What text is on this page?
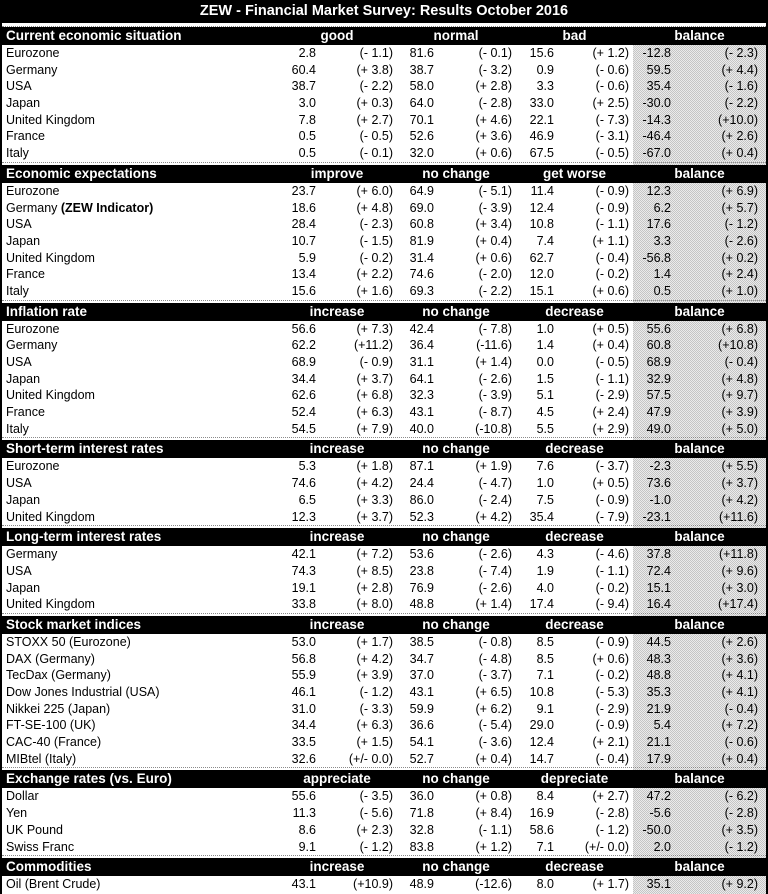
ZEW - Financial Market Survey: Results October 2016
Current economic situation	good	normal	bad	balance
Eurozone	2.8	(- 1.1)	81.6	(- 0.1)	15.6	(+ 1.2)	-12.8	(- 2.3)
Germany	60.4	(+ 3.8)	38.7	(- 3.2)	0.9	(- 0.6)	59.5	(+ 4.4)
USA	38.7	(- 2.2)	58.0	(+ 2.8)	3.3	(- 0.6)	35.4	(- 1.6)
Japan	3.0	(+ 0.3)	64.0	(- 2.8)	33.0	(+ 2.5)	-30.0	(- 2.2)
United Kingdom	7.8	(+ 2.7)	70.1	(+ 4.6)	22.1	(- 7.3)	-14.3	(+10.0)
France	0.5	(- 0.5)	52.6	(+ 3.6)	46.9	(- 3.1)	-46.4	(+ 2.6)
Italy	0.5	(- 0.1)	32.0	(+ 0.6)	67.5	(- 0.5)	-67.0	(+ 0.4)
Economic expectations	improve	no change	get worse	balance
Eurozone	23.7	(+ 6.0)	64.9	(- 5.1)	11.4	(- 0.9)	12.3	(+ 6.9)
Germany (ZEW Indicator)	18.6	(+ 4.8)	69.0	(- 3.9)	12.4	(- 0.9)	6.2	(+ 5.7)
USA	28.4	(- 2.3)	60.8	(+ 3.4)	10.8	(- 1.1)	17.6	(- 1.2)
Japan	10.7	(- 1.5)	81.9	(+ 0.4)	7.4	(+ 1.1)	3.3	(- 2.6)
United Kingdom	5.9	(- 0.2)	31.4	(+ 0.6)	62.7	(- 0.4)	-56.8	(+ 0.2)
France	13.4	(+ 2.2)	74.6	(- 2.0)	12.0	(- 0.2)	1.4	(+ 2.4)
Italy	15.6	(+ 1.6)	69.3	(- 2.2)	15.1	(+ 0.6)	0.5	(+ 1.0)
Inflation rate	increase	no change	decrease	balance
Eurozone	56.6	(+ 7.3)	42.4	(- 7.8)	1.0	(+ 0.5)	55.6	(+ 6.8)
Germany	62.2	(+11.2)	36.4	(-11.6)	1.4	(+ 0.4)	60.8	(+10.8)
USA	68.9	(- 0.9)	31.1	(+ 1.4)	0.0	(- 0.5)	68.9	(- 0.4)
Japan	34.4	(+ 3.7)	64.1	(- 2.6)	1.5	(- 1.1)	32.9	(+ 4.8)
United Kingdom	62.6	(+ 6.8)	32.3	(- 3.9)	5.1	(- 2.9)	57.5	(+ 9.7)
France	52.4	(+ 6.3)	43.1	(- 8.7)	4.5	(+ 2.4)	47.9	(+ 3.9)
Italy	54.5	(+ 7.9)	40.0	(-10.8)	5.5	(+ 2.9)	49.0	(+ 5.0)
Short-term interest rates	increase	no change	decrease	balance
Eurozone	5.3	(+ 1.8)	87.1	(+ 1.9)	7.6	(- 3.7)	-2.3	(+ 5.5)
USA	74.6	(+ 4.2)	24.4	(- 4.7)	1.0	(+ 0.5)	73.6	(+ 3.7)
Japan	6.5	(+ 3.3)	86.0	(- 2.4)	7.5	(- 0.9)	-1.0	(+ 4.2)
United Kingdom	12.3	(+ 3.7)	52.3	(+ 4.2)	35.4	(- 7.9)	-23.1	(+11.6)
Long-term interest rates	increase	no change	decrease	balance
Germany	42.1	(+ 7.2)	53.6	(- 2.6)	4.3	(- 4.6)	37.8	(+11.8)
USA	74.3	(+ 8.5)	23.8	(- 7.4)	1.9	(- 1.1)	72.4	(+ 9.6)
Japan	19.1	(+ 2.8)	76.9	(- 2.6)	4.0	(- 0.2)	15.1	(+ 3.0)
United Kingdom	33.8	(+ 8.0)	48.8	(+ 1.4)	17.4	(- 9.4)	16.4	(+17.4)
Stock market indices	increase	no change	decrease	balance
STOXX 50 (Eurozone)	53.0	(+ 1.7)	38.5	(- 0.8)	8.5	(- 0.9)	44.5	(+ 2.6)
DAX (Germany)	56.8	(+ 4.2)	34.7	(- 4.8)	8.5	(+ 0.6)	48.3	(+ 3.6)
TecDax (Germany)	55.9	(+ 3.9)	37.0	(- 3.7)	7.1	(- 0.2)	48.8	(+ 4.1)
Dow Jones Industrial (USA)	46.1	(- 1.2)	43.1	(+ 6.5)	10.8	(- 5.3)	35.3	(+ 4.1)
Nikkei 225 (Japan)	31.0	(- 3.3)	59.9	(+ 6.2)	9.1	(- 2.9)	21.9	(- 0.4)
FT-SE-100 (UK)	34.4	(+ 6.3)	36.6	(- 5.4)	29.0	(- 0.9)	5.4	(+ 7.2)
CAC-40 (France)	33.5	(+ 1.5)	54.1	(- 3.6)	12.4	(+ 2.1)	21.1	(- 0.6)
MIBtel (Italy)	32.6	(+/- 0.0)	52.7	(+ 0.4)	14.7	(- 0.4)	17.9	(+ 0.4)
Exchange rates (vs. Euro)	appreciate	no change	depreciate	balance
Dollar	55.6	(- 3.5)	36.0	(+ 0.8)	8.4	(+ 2.7)	47.2	(- 6.2)
Yen	11.3	(- 5.6)	71.8	(+ 8.4)	16.9	(- 2.8)	-5.6	(- 2.8)
UK Pound	8.6	(+ 2.3)	32.8	(- 1.1)	58.6	(- 1.2)	-50.0	(+ 3.5)
Swiss Franc	9.1	(- 1.2)	83.8	(+ 1.2)	7.1	(+/- 0.0)	2.0	(- 1.2)
Commodities	increase	no change	decrease	balance
Oil (Brent Crude)	43.1	(+10.9)	48.9	(-12.6)	8.0	(+ 1.7)	35.1	(+ 9.2)
